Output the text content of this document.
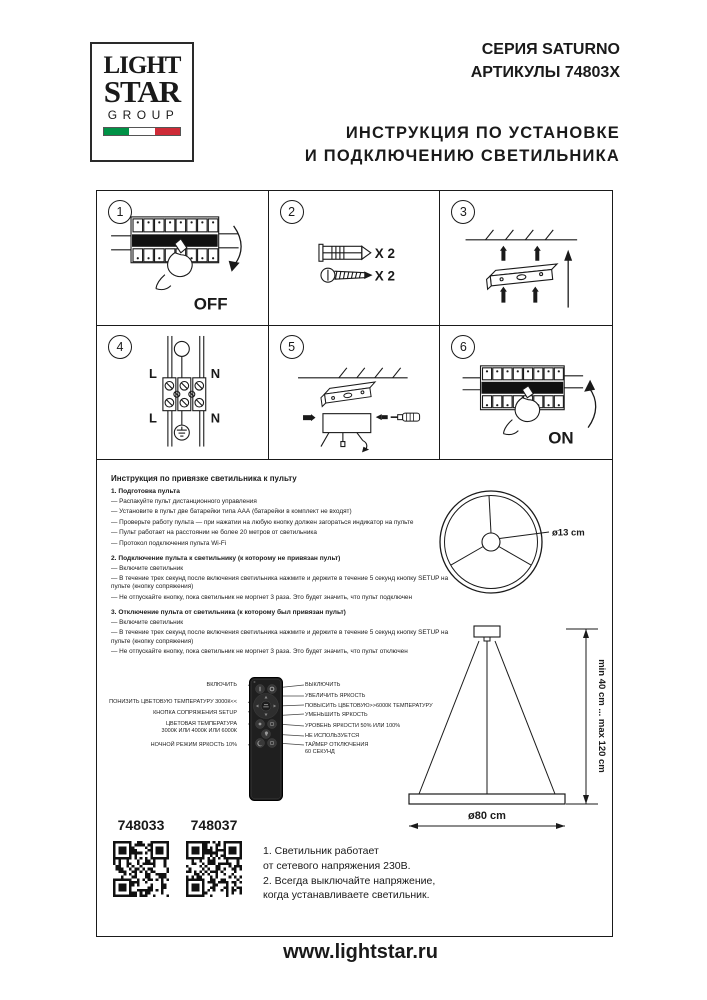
LIGHT
STAR
GROUP
СЕРИЯ SATURNO
АРТИКУЛЫ 74803X
ИНСТРУКЦИЯ ПО УСТАНОВКЕ
И ПОДКЛЮЧЕНИЮ СВЕТИЛЬНИКА
1
OFF
2
X 2
X 2
3
4
L	N
L	N
5	6
ON

Инструкция по привязке светильника к пульту

1. Подготовка пульта

— Распакуйте пульт дистанционного управления

— Установите в пульт две батарейки типа ААА (батарейки в комплект не входят)

— Проверьте работу пульта — при нажатии на любую кнопку должен загораться индикатор на пульте

— Пульт работает на расстоянии не более 20 метров от светильника

— Протокол подключения пульта Wi-Fi

2. Подключение пульта к светильнику (к которому не привязан пульт)

— Включите светильник

— В течение трех секунд после включения светильника нажмите и держите в течение 5 секунд кнопку SETUP на пульте (кнопку сопряжения)

— Не отпускайте кнопку, пока светильник не моргнет 3 раза. Это будет значить, что пульт подключен

3. Отключение пульта от светильника (к которому был привязан пульт)

— Включите светильник

— В течение трех секунд после включения светильника нажмите и держите в течение 5 секунд кнопку SETUP на пульте (кнопку сопряжения)

— Не отпускайте кнопку, пока светильник не моргнет 3 раза. Это будет значить, что пульт отключен

ø13 cm
ВКЛЮЧИТЬ
ПОНИЗИТЬ ЦВЕТОВУЮ ТЕМПЕРАТУРУ 3000К<<
КНОПКА СОПРЯЖЕНИЯ SETUP
ЦВЕТОВАЯ ТЕМПЕРАТУРА
3000К ИЛИ 4000К ИЛИ 6000К
НОЧНОЙ РЕЖИМ ЯРКОСТЬ 10%
ВЫКЛЮЧИТЬ
УВЕЛИЧИТЬ ЯРКОСТЬ
ПОВЫСИТЬ ЦВЕТОВУЮ>>6000К ТЕМПЕРАТУРУ
УМЕНЬШИТЬ ЯРКОСТЬ
УРОВЕНЬ ЯРКОСТИ 50% ИЛИ 100%
НЕ ИСПОЛЬЗУЕТСЯ
ТАЙМЕР ОТКЛЮЧЕНИЯ
60 СЕКУНД	min 40 cm ... max 120 cm
ø80 cm
748033	748037
1. Светильник работает
от сетевого напряжения 230В.
2. Всегда выключайте напряжение,
когда устанавливаете светильник.
www.lightstar.ru
